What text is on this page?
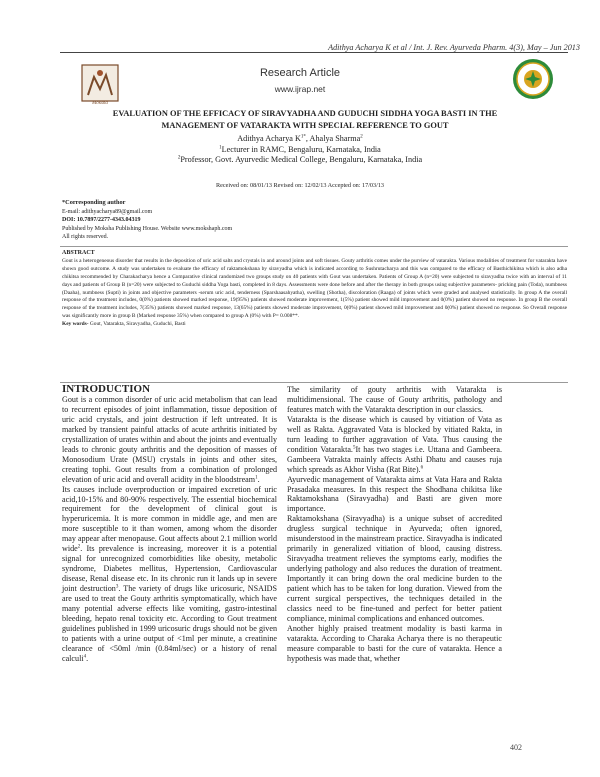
Adithya Acharya K et al / Int. J. Rev. Ayurveda Pharm. 4(3), May – Jun 2013
Moksha
Research Article
www.ijrap.net
EVALUATION OF THE EFFICACY OF SIRAVYADHA AND GUDUCHI SIDDHA YOGA BASTI IN THE MANAGEMENT OF VATARAKTA WITH SPECIAL REFERENCE TO GOUT
Adithya Acharya $K^{1*}$, Ahalya Sharma$^2$
$^1$Lecturer in RAMC, Bengaluru, Karnataka, India
$^2$Professor, Govt. Ayurvedic Medical College, Bengaluru, Karnataka, India
Received on: 08/01/13 Revised on: 12/02/13 Accepted on: 17/03/13
*Corresponding author
E-mail: adithyacharya89@gmail.com
DOI: 10.7897/2277-4343.04319
Published by Moksha Publishing House. Website www.mokshaph.com
All rights reserved.
ABSTRACT
Gout is a heterogeneous disorder that results in the deposition of uric acid salts and crystals in and around joints and soft tissues. Gouty arthritis comes under the purview of vatarakta. Various modalities of treatment for vatarakta have shown good outcome. A study was undertaken to evaluate the efficacy of raktamokshana by siravyadha which is indicated according to Sushrutacharya and this was compared to the efficacy of Basthichikitsa which is also adha chikitsa recommended by Charakacharya hence a Comparative clinical randomized two groups study on 40 patients with Gout was undertaken. Patients of Group A (n=20) were subjected to siravyadha twice with an interval of 11 days and patients of Group B (n=20) were subjected to Guduchi siddha Yoga basti, completed in 8 days. Assessments were done before and after the therapy in both groups using subjective parameters- pricking pain (Toda), numbness (Daaha), numbness (Supti) in joints and objective parameters -serum uric acid, tenderness (Sparshaasahyatha), swelling (Shotha), discoloration (Raaga) of joints which were graded and analysed statistically. In group A the overall response of the treatment includes, 0(0%) patients showed marked response, 19(95%) patients showed moderate improvement, 1(5%) patient showed mild improvement and 0(0%) patient showed no response. In group B the overall response of the treatment includes, 7(35%) patients showed marked response, 13(65%) patients showed moderate improvement, 0(0%) patient showed mild improvement and 0(0%) patient showed no response. So Overall response was significantly more in group B (Marked response 35%) when compared to group A (0%) with P= 0.008**.
Key words- Gout, Vatarakta, Siravyadha, Guduchi, Basti

INTRODUCTION

Gout is a common disorder of uric acid metabolism that can lead to recurrent episodes of joint inflammation, tissue deposition of uric acid crystals, and joint destruction if left untreated. It is marked by transient painful attacks of acute arthritis initiated by crystallization of urates within and about the joints and eventually leads to chronic gouty arthritis and the deposition of masses of Monosodium Urate (MSU) crystals in joints and other sites, creating tophi. Gout results from a combination of prolonged elevation of uric acid and overall acidity in the bloodstream$^1$.

Its causes include overproduction or impaired excretion of uric acid,10-15% and 80-90% respectively. The essential biochemical requirement for the development of clinical gout is hyperuricemia. It is more common in middle age, and men are more susceptible to it than women, among whom the disorder may appear after menopause. Gout affects about 2.1 million world wide$^2$. Its prevalence is increasing, moreover it is a potential signal for unrecognized comorbidities like obesity, metabolic syndrome, Diabetes mellitus, Hypertension, Cardiovascular disease, Renal disease etc. In its chronic run it lands up in severe joint destruction$^3$. The variety of drugs like uricosuric, NSAIDS are used to treat the Gouty arthritis symptomatically, which have many potential adverse effects like vomiting, gastro-intestinal bleeding, hepato renal toxicity etc. According to Gout treatment guidelines published in 1999 uricosuric drugs should not be given to patients with a urine output of <1ml per minute, a creatinine clearance of <50ml /min (0.84ml/sec) or a history of renal calculi$^4$.

The similarity of gouty arthritis with Vatarakta is multidimensional. The cause of Gouty arthritis, pathology and features match with the Vatarakta description in our classics.

Vatarakta is the disease which is caused by vitiation of Vata as well as Rakta. Aggravated Vata is blocked by vitiated Rakta, in turn leading to further aggravation of Vata. Thus causing the condition Vatarakta.$^5$It has two stages i.e. Uttana and Gambeera. Gambeera Vatrakta mainly affects Asthi Dhatu and causes ruja which spreads as Akhor Visha (Rat Bite).$^6$

Ayurvedic management of Vatarakta aims at Vata Hara and Rakta Prasadaka measures. In this respect the Shodhana chikitsa like Raktamokshana (Siravyadha) and Basti are given more importance.

Raktamokshana (Siravyadha) is a unique subset of accredited drugless surgical technique in Ayurveda; often ignored, misunderstood in the mainstream practice. Siravyadha is indicated primarily in generalized vitiation of blood, causing distress. Siravyadha treatment relieves the symptoms early, modifies the underlying pathology and also reduces the duration of treatment. Importantly it can bring down the oral medicine burden to the patient which has to be taken for long duration. Viewed from the current surgical perspectives, the techniques detailed in the classics need to be fine-tuned and perfect for better patient compliance, minimal complications and enhanced outcomes.

Another highly praised treatment modality is basti karma in vatarakta. According to Charaka Acharya there is no therapeutic measure comparable to basti for the cure of vatarakta. Hence a hypothesis was made that, whether

402
